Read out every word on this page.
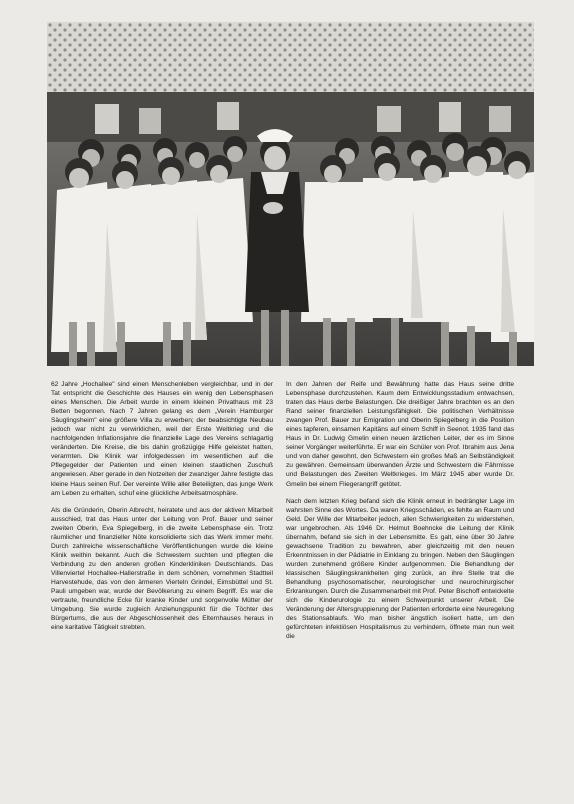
62 Jahre „Hochallee" sind einen Menschenleben vergleichbar, und in der Tat entspricht die Geschichte des Hauses ein wenig den Lebensphasen eines Menschen. Die Arbeit wurde in einem kleinen Privathaus mit 23 Betten begonnen. Nach 7 Jahren gelang es dem „Verein Hamburger Säuglingsheim" eine größere Villa zu erwerben; der beabsichtigte Neubau jedoch war nicht zu verwirklichen, weil der Erste Weltkrieg und die nachfolgenden Inflationsjahre die finanzielle Lage des Vereins schlagartig veränderten. Die Kreise, die bis dahin großzügige Hilfe geleistet hatten, verarmten. Die Klinik war infolgedessen im wesentlichen auf die Pflegegelder der Patienten und einen kleinen staatlichen Zuschuß angewiesen. Aber gerade in den Notzeiten der zwanziger Jahre festigte das kleine Haus seinen Ruf. Der vereinte Wille aller Beteiligten, das junge Werk am Leben zu erhalten, schuf eine glückliche Arbeitsatmosphäre.

Als die Gründerin, Oberin Albrecht, heiratete und aus der aktiven Mitarbeit ausschied, trat das Haus unter der Leitung von Prof. Bauer und seiner zweiten Oberin, Eva Spiegelberg, in die zweite Lebensphase ein. Trotz räumlicher und finanzieller Nöte konsolidierte sich das Werk immer mehr. Durch zahlreiche wissenschaftliche Veröffentlichungen wurde die kleine Klinik weithin bekannt. Auch die Schwestern suchten und pflegten die Verbindung zu den anderen großen Kinderkliniken Deutschlands. Das Villenviertel Hochallee-Hallerstraße in dem schönen, vornehmen Stadtteil Harvestehude, das von den ärmeren Vierteln Grindel, Eimsbüttel und St. Pauli umgeben war, wurde der Bevölkerung zu einem Begriff. Es war die vertraute, freundliche Ecke für kranke Kinder und sorgenvolle Mütter der Umgebung. Sie wurde zugleich Anziehungspunkt für die Töchter des Bürgertums, die aus der Abgeschlossenheit des Elternhauses heraus in eine karitative Tätigkeit strebten.

In den Jahren der Reife und Bewährung hatte das Haus seine dritte Lebensphase durchzustehen. Kaum dem Entwicklungsstadium entwachsen, traten das Haus derbe Belastungen. Die dreißiger Jahre brachten es an den Rand seiner finanziellen Leistungsfähigkeit. Die politischen Verhältnisse zwangen Prof. Bauer zur Emigration und Oberin Spiegelberg in die Position eines tapferen, einsamen Kapitäns auf einem Schiff in Seenot. 1935 fand das Haus in Dr. Ludwig Gmelin einen neuen ärztlichen Leiter, der es im Sinne seiner Vorgänger weiterführte. Er war ein Schüler von Prof. Ibrahim aus Jena und von daher gewohnt, den Schwestern ein großes Maß an Selbständigkeit zu gewähren. Gemeinsam überwanden Ärzte und Schwestern die Fährnisse und Belastungen des Zweiten Weltkrieges. Im März 1945 aber wurde Dr. Gmelin bei einem Fliegerangriff getötet.

Nach dem letzten Krieg befand sich die Klinik erneut in bedrängter Lage im wahrsten Sinne des Wortes. Da waren Kriegsschäden, es fehlte an Raum und Geld. Der Wille der Mitarbeiter jedoch, allen Schwierigkeiten zu widerstehen, war ungebrochen. Als 1946 Dr. Helmut Boehncke die Leitung der Klinik übernahm, befand sie sich in der Lebensmitte. Es galt, eine über 30 Jahre gewachsene Tradition zu bewahren, aber gleichzeitig mit den neuen Erkenntnissen in der Pädiatrie in Einklang zu bringen. Neben den Säuglingen wurden zunehmend größere Kinder aufgenommen. Die Behandlung der klassischen Säuglingskrankheiten ging zurück, an ihre Stelle trat die Behandlung psychosomatischer, neurologischer und neurochirurgischer Erkrankungen. Durch die Zusammenarbeit mit Prof. Peter Bischoff entwickelte sich die Kinderurologie zu einem Schwerpunkt unserer Arbeit. Die Veränderung der Altersgruppierung der Patienten erforderte eine Neuregelung des Stationsablaufs. Wo man bisher ängstlich isoliert hatte, um den gefürchteten infektiösen Hospitalismus zu verhindern, öffnete man nun weit die
